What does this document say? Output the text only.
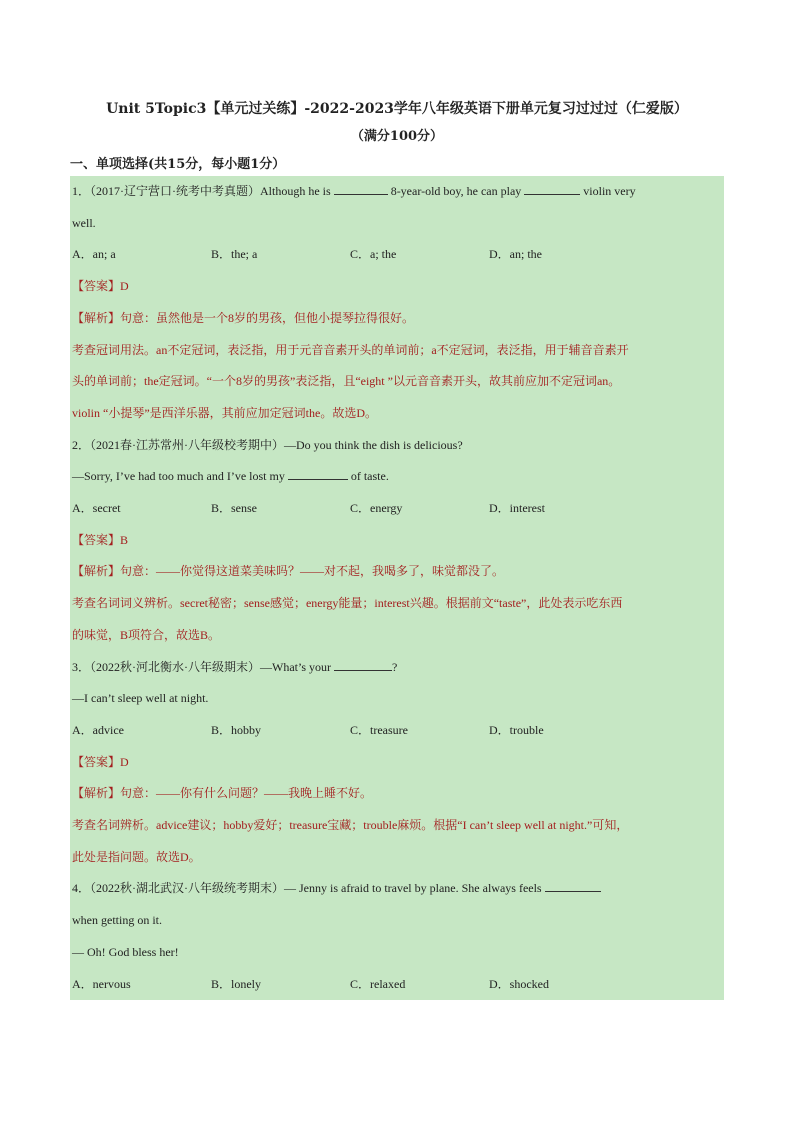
Unit 5Topic3【单元过关练】-2022-2023学年八年级英语下册单元复习过过过（仁爱版）
（满分100分）
一、单项选择(共15分，每小题1分）
1．（2017·辽宁营口·统考中考真题）Although he is	8-year-old boy, he can play	violin very
well.
A．an; a	B．the; a	C．a; the	D．an; the
【答案】D
【解析】句意：虽然他是一个8岁的男孩，但他小提琴拉得很好。
考查冠词用法。an不定冠词，表泛指，用于元音音素开头的单词前；a不定冠词，表泛指，用于辅音音素开
头的单词前；the定冠词。“一个8岁的男孩”表泛指，且“eight ”以元音音素开头，故其前应加不定冠词an。
violin “小提琴”是西洋乐器，其前应加定冠词the。故选D。
2．（2021春·江苏常州·八年级校考期中）—Do you think the dish is delicious?
—Sorry, I’ve had too much and I’ve lost my	of taste.
A．secret	B．sense	C．energy	D．interest
【答案】B
【解析】句意：——你觉得这道菜美味吗？——对不起，我喝多了，味觉都没了。
考查名词词义辨析。secret秘密；sense感觉；energy能量；interest兴趣。根据前文“taste”，此处表示吃东西
的味觉，B项符合，故选B。
3．（2022秋·河北衡水·八年级期末）—What’s your	?
—I can’t sleep well at night.
A．advice	B．hobby	C．treasure	D．trouble
【答案】D
【解析】句意：——你有什么问题？——我晚上睡不好。
考查名词辨析。advice建议；hobby爱好；treasure宝藏；trouble麻烦。根据“I can’t sleep well at night.”可知，
此处是指问题。故选D。
4．（2022秋·湖北武汉·八年级统考期末）— Jenny is afraid to travel by plane. She always feels
when getting on it.
— Oh! God bless her!
A．nervous	B．lonely	C．relaxed	D．shocked
